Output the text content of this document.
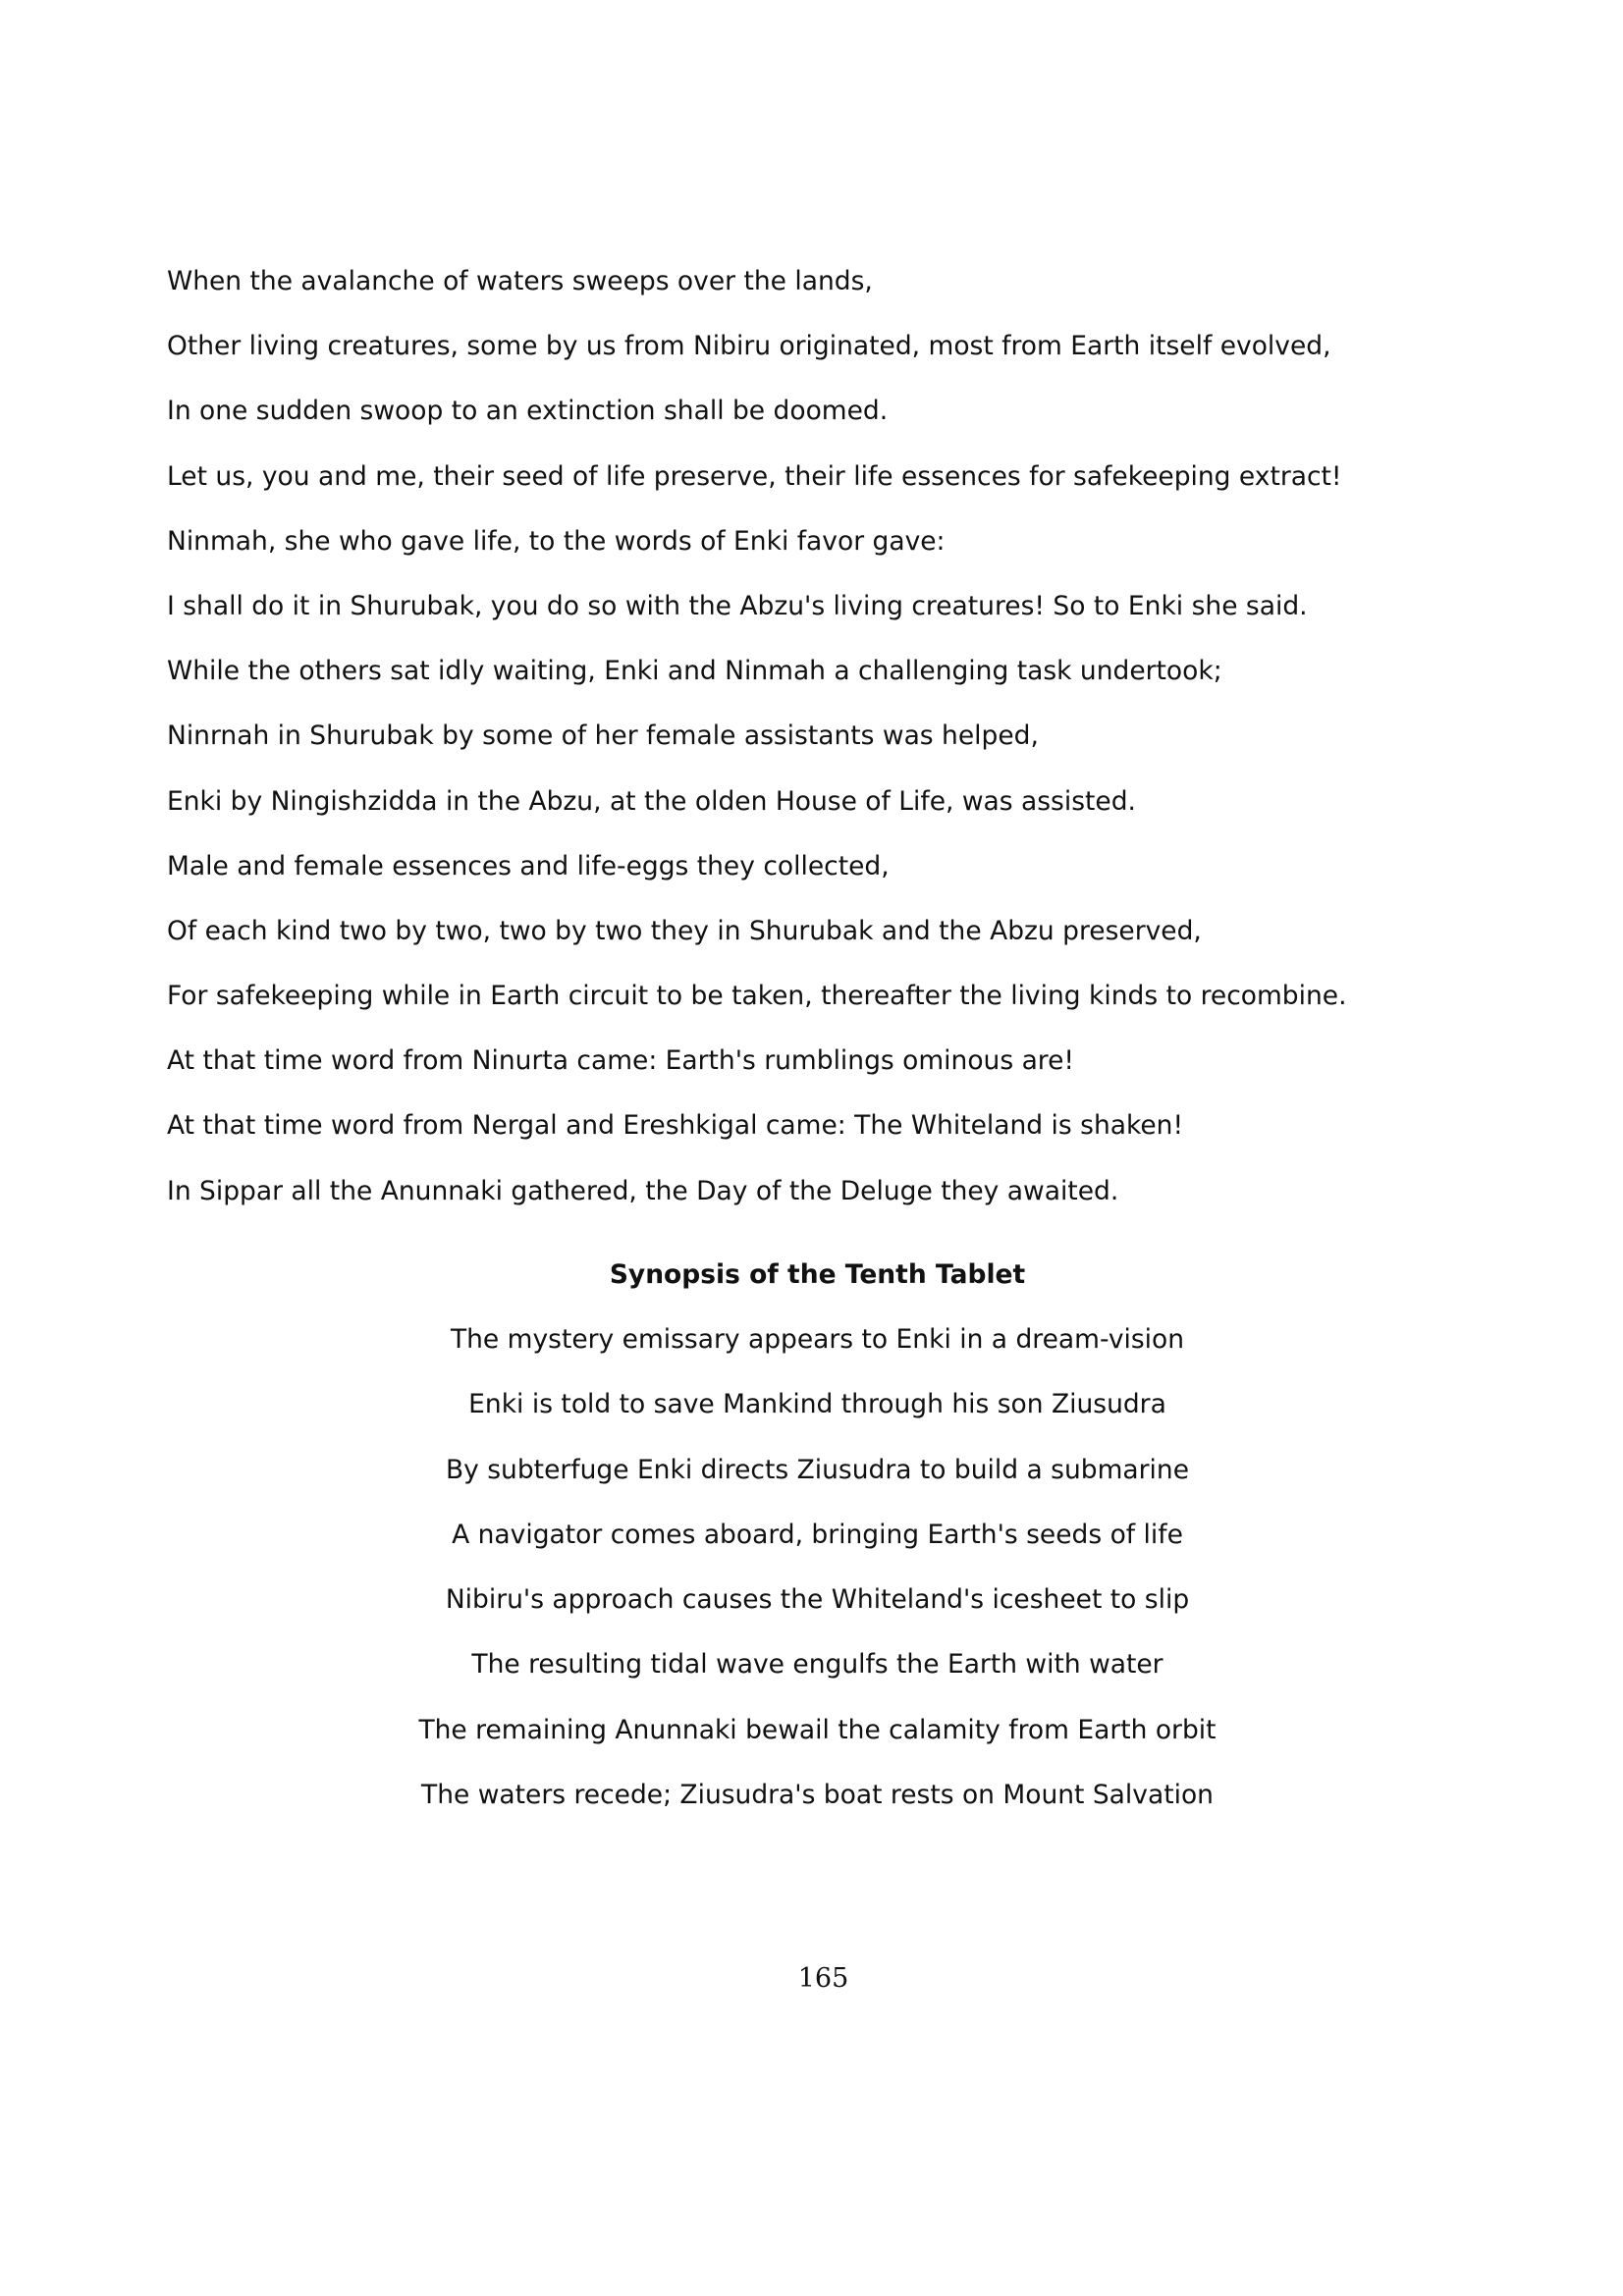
When the avalanche of waters sweeps over the lands,
Other living creatures, some by us from Nibiru originated, most from Earth itself evolved,
In one sudden swoop to an extinction shall be doomed.
Let us, you and me, their seed of life preserve, their life essences for safekeeping extract!
Ninmah, she who gave life, to the words of Enki favor gave:
I shall do it in Shurubak, you do so with the Abzu's living creatures! So to Enki she said.
While the others sat idly waiting, Enki and Ninmah a challenging task undertook;
Ninrnah in Shurubak by some of her female assistants was helped,
Enki by Ningishzidda in the Abzu, at the olden House of Life, was assisted.
Male and female essences and life-eggs they collected,
Of each kind two by two, two by two they in Shurubak and the Abzu preserved,
For safekeeping while in Earth circuit to be taken, thereafter the living kinds to recombine.
At that time word from Ninurta came: Earth's rumblings ominous are!
At that time word from Nergal and Ereshkigal came: The Whiteland is shaken!
In Sippar all the Anunnaki gathered, the Day of the Deluge they awaited.
Synopsis of the Tenth Tablet
The mystery emissary appears to Enki in a dream-vision
Enki is told to save Mankind through his son Ziusudra
By subterfuge Enki directs Ziusudra to build a submarine
A navigator comes aboard, bringing Earth's seeds of life
Nibiru's approach causes the Whiteland's icesheet to slip
The resulting tidal wave engulfs the Earth with water
The remaining Anunnaki bewail the calamity from Earth orbit
The waters recede; Ziusudra's boat rests on Mount Salvation
165
